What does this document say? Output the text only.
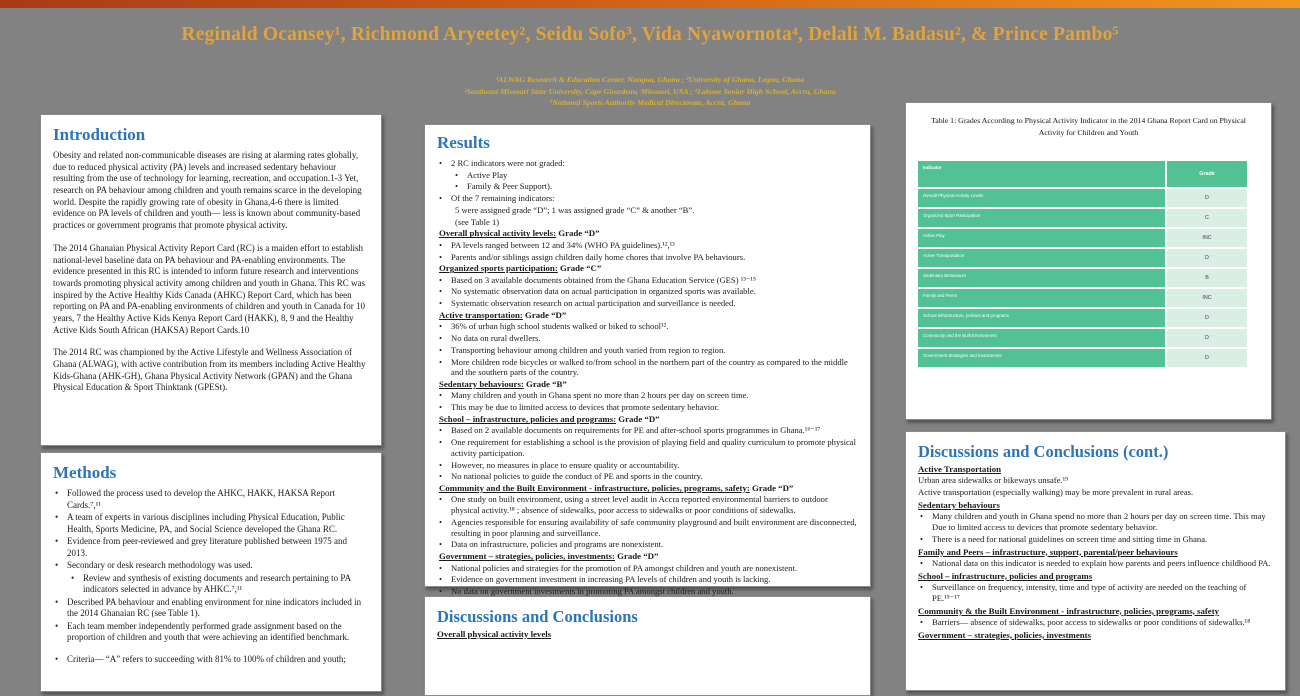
Reginald Ocansey¹, Richmond Aryeetey², Seidu Sofo³, Vida Nyawornota⁴, Delali M. Badasu², & Prince Pambo⁵
¹ALWAG Research & Education Center, Nungua, Ghana ; ²University of Ghana, Legon, Ghana
³Southeast Missouri State University, Cape Girardeau, Missouri, USA ; ⁴Labone Senior High School, Accra, Ghana
⁵National Sports Authority Medical Directorate, Accra, Ghana
Introduction
Obesity and related non-communicable diseases are rising at alarming rates globally, due to reduced physical activity (PA) levels and increased sedentary behaviour resulting from the use of technology for learning, recreation, and occupation.1-3 Yet, research on PA behaviour among children and youth remains scarce in the developing world. Despite the rapidly growing rate of obesity in Ghana,4-6 there is limited evidence on PA levels of children and youth— less is known about community-based practices or government programs that promote physical activity.
The 2014 Ghanaian Physical Activity Report Card (RC) is a maiden effort to establish national-level baseline data on PA behaviour and PA-enabling environments. The evidence presented in this RC is intended to inform future research and interventions towards promoting physical activity among children and youth in Ghana. This RC was inspired by the Active Healthy Kids Canada (AHKC) Report Card, which has been reporting on PA and PA-enabling environments of children and youth in Canada for 10 years, 7 the Healthy Active Kids Kenya Report Card (HAKK), 8, 9 and the Healthy Active Kids South African (HAKSA) Report Cards.10
The 2014 RC was championed by the Active Lifestyle and Wellness Association of Ghana (ALWAG), with active contribution from its members including Active Healthy Kids-Ghana (AHK-GH), Ghana Physical Activity Network (GPAN) and the Ghana Physical Education & Sport Thinktank (GPESt).
Methods
• Followed the process used to develop the AHKC, HAKK, HAKSA Report Cards.⁷,¹¹
• A team of experts in various disciplines including Physical Education, Public Health, Sports Medicine, PA, and Social Science developed the Ghana RC.
• Evidence from peer-reviewed and grey literature published between 1975 and 2013.
• Secondary or desk research methodology was used.
• Review and synthesis of existing documents and research pertaining to PA indicators selected in advance by AHKC.⁷,¹¹
• Described PA behaviour and enabling environment for nine indicators included in the 2014 Ghanaian RC (see Table 1).
• Each team member independently performed grade assignment based on the proportion of children and youth that were achieving an identified benchmark.
• Criteria— “A” refers to succeeding with 81% to 100% of children and youth;
Results
• 2 RC indicators were not graded:
• Active Play
• Family & Peer Support).
• Of the 7 remaining indicators:
5 were assigned grade “D”; 1 was assigned grade “C” & another “B”.
(see Table 1)
Overall physical activity levels: Grade “D”
• PA levels ranged between 12 and 34% (WHO PA guidelines).¹²,¹³
• Parents and/or siblings assign children daily home chores that involve PA behaviours.
Organized sports participation: Grade “C”
• Based on 3 available documents obtained from the Ghana Education Service (GES) ¹³⁻¹⁵
• No systematic observation data on actual participation in organized sports was available.
• Systematic observation research on actual participation and surveillance is needed.
Active transportation: Grade “D”
• 36% of urban high school students walked or biked to school¹².
• No data on rural dwellers.
• Transporting behaviour among children and youth varied from region to region.
• More children rode bicycles or walked to/from school in the northern part of the country as compared to the middle and the southern parts of the country.
Sedentary behaviours: Grade “B”
• Many children and youth in Ghana spent no more than 2 hours per day on screen time.
• This may be due to limited access to devices that promote sedentary behavior.
School – infrastructure, policies and programs: Grade “D”
• Based on 2 available documents on requirements for PE and after-school sports programmes in Ghana.¹⁶⁻¹⁷
• One requirement for establishing a school is the provision of playing field and quality curriculum to promote physical activity participation.
• However, no measures in place to ensure quality or accountability.
• No national policies to guide the conduct of PE and sports in the country.
Community and the Built Environment - infrastructure, policies, programs, safety: Grade “D”
• One study on built environment, using a street level audit in Accra reported environmental barriers to outdoor physical activity.¹⁸ ; absence of sidewalks, poor access to sidewalks or poor conditions of sidewalks.
• Agencies responsible for ensuring availability of safe community playground and built environment are disconnected, resulting in poor planning and surveillance.
• Data on infrastructure, policies and programs are nonexistent.
Government – strategies, policies, investments: Grade “D”
• National policies and strategies for the promotion of PA amongst children and youth are nonexistent.
• Evidence on government investment in increasing PA levels of children and youth is lacking.
• No data on government investments in promoting PA amongst children and youth.
Discussions and Conclusions
Overall physical activity levels
Table 1: Grades According to Physical Activity Indicator in the 2014 Ghana Report Card on Physical Activity for Children and Youth
Indicator
Grade
Overall Physical Activity Levels	D
Organized Sport Participation	C
Active Play	INC
Active Transportation	D
Sedentary Behaviours	B
Family and Peers	INC
School Infrastructure, policies and programs	D
Community and the Built Environment	D
Government Strategies and Investments	D
Discussions and Conclusions (cont.)
Active Transportation
Urban area sidewalks or bikeways unsafe.¹⁹
Active transportation (especially walking) may be more prevalent in rural areas.
Sedentary behaviours
• Many children and youth in Ghana spend no more than 2 hours per day on screen time. This may Due to limited access to devices that promote sedentary behavior.
• There is a need for national guidelines on screen time and sitting time in Ghana.
Family and Peers – infrastructure, support, parental/peer behaviours
• National data on this indicator is needed to explain how parents and peers influence childhood PA.
School – infrastructure, policies and programs
• Surveillance on frequency, intensity, time and type of activity are needed on the teaching of PE.¹⁵⁻¹⁷
Community & the Built Environment - infrastructure, policies, programs, safety
• Barriers— absence of sidewalks, poor access to sidewalks or poor conditions of sidewalks.¹⁸
Government – strategies, policies, investments
